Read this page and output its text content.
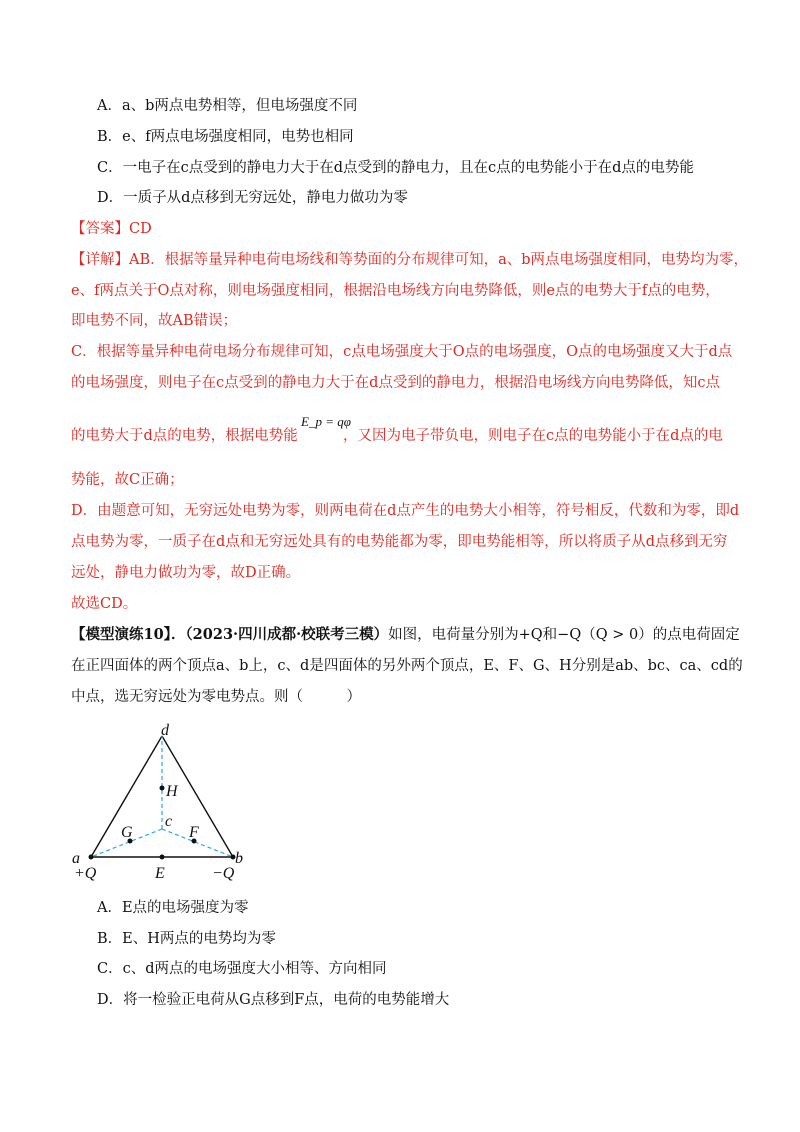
A．a、b两点电势相等，但电场强度不同
B．e、f两点电场强度相同，电势也相同
C．一电子在c点受到的静电力大于在d点受到的静电力，且在c点的电势能小于在d点的电势能
D．一质子从d点移到无穷远处，静电力做功为零
【答案】CD
【详解】AB．根据等量异种电荷电场线和等势面的分布规律可知，a、b两点电场强度相同，电势均为零，
e、f两点关于O点对称，则电场强度相同，根据沿电场线方向电势降低，则e点的电势大于f点的电势，
即电势不同，故AB错误；
C．根据等量异种电荷电场分布规律可知，c点电场强度大于O点的电场强度，O点的电场强度又大于d点
的电场强度，则电子在c点受到的静电力大于在d点受到的静电力，根据沿电场线方向电势降低，知c点
的电势大于d点的电势，根据电势能
E_p = qφ
，又因为电子带负电，则电子在c点的电势能小于在d点的电
势能，故C正确；
D．由题意可知，无穷远处电势为零，则两电荷在d点产生的电势大小相等，符号相反，代数和为零，即d
点电势为零，一质子在d点和无穷远处具有的电势能都为零，即电势能相等，所以将质子从d点移到无穷
远处，静电力做功为零，故D正确。
故选CD。
【模型演练10】．（2023·四川成都·校联考三模）如图，电荷量分别为+Q和−Q（Q > 0）的点电荷固定
在正四面体的两个顶点a、b上，c、d是四面体的另外两个顶点，E、F、G、H分别是ab、bc、ca、cd的
中点，选无穷远处为零电势点。则（　　　）
d
H
c
G	F
a	b
E
+Q	−Q
A．E点的电场强度为零
B．E、H两点的电势均为零
C．c、d两点的电场强度大小相等、方向相同
D．将一检验正电荷从G点移到F点，电荷的电势能增大
